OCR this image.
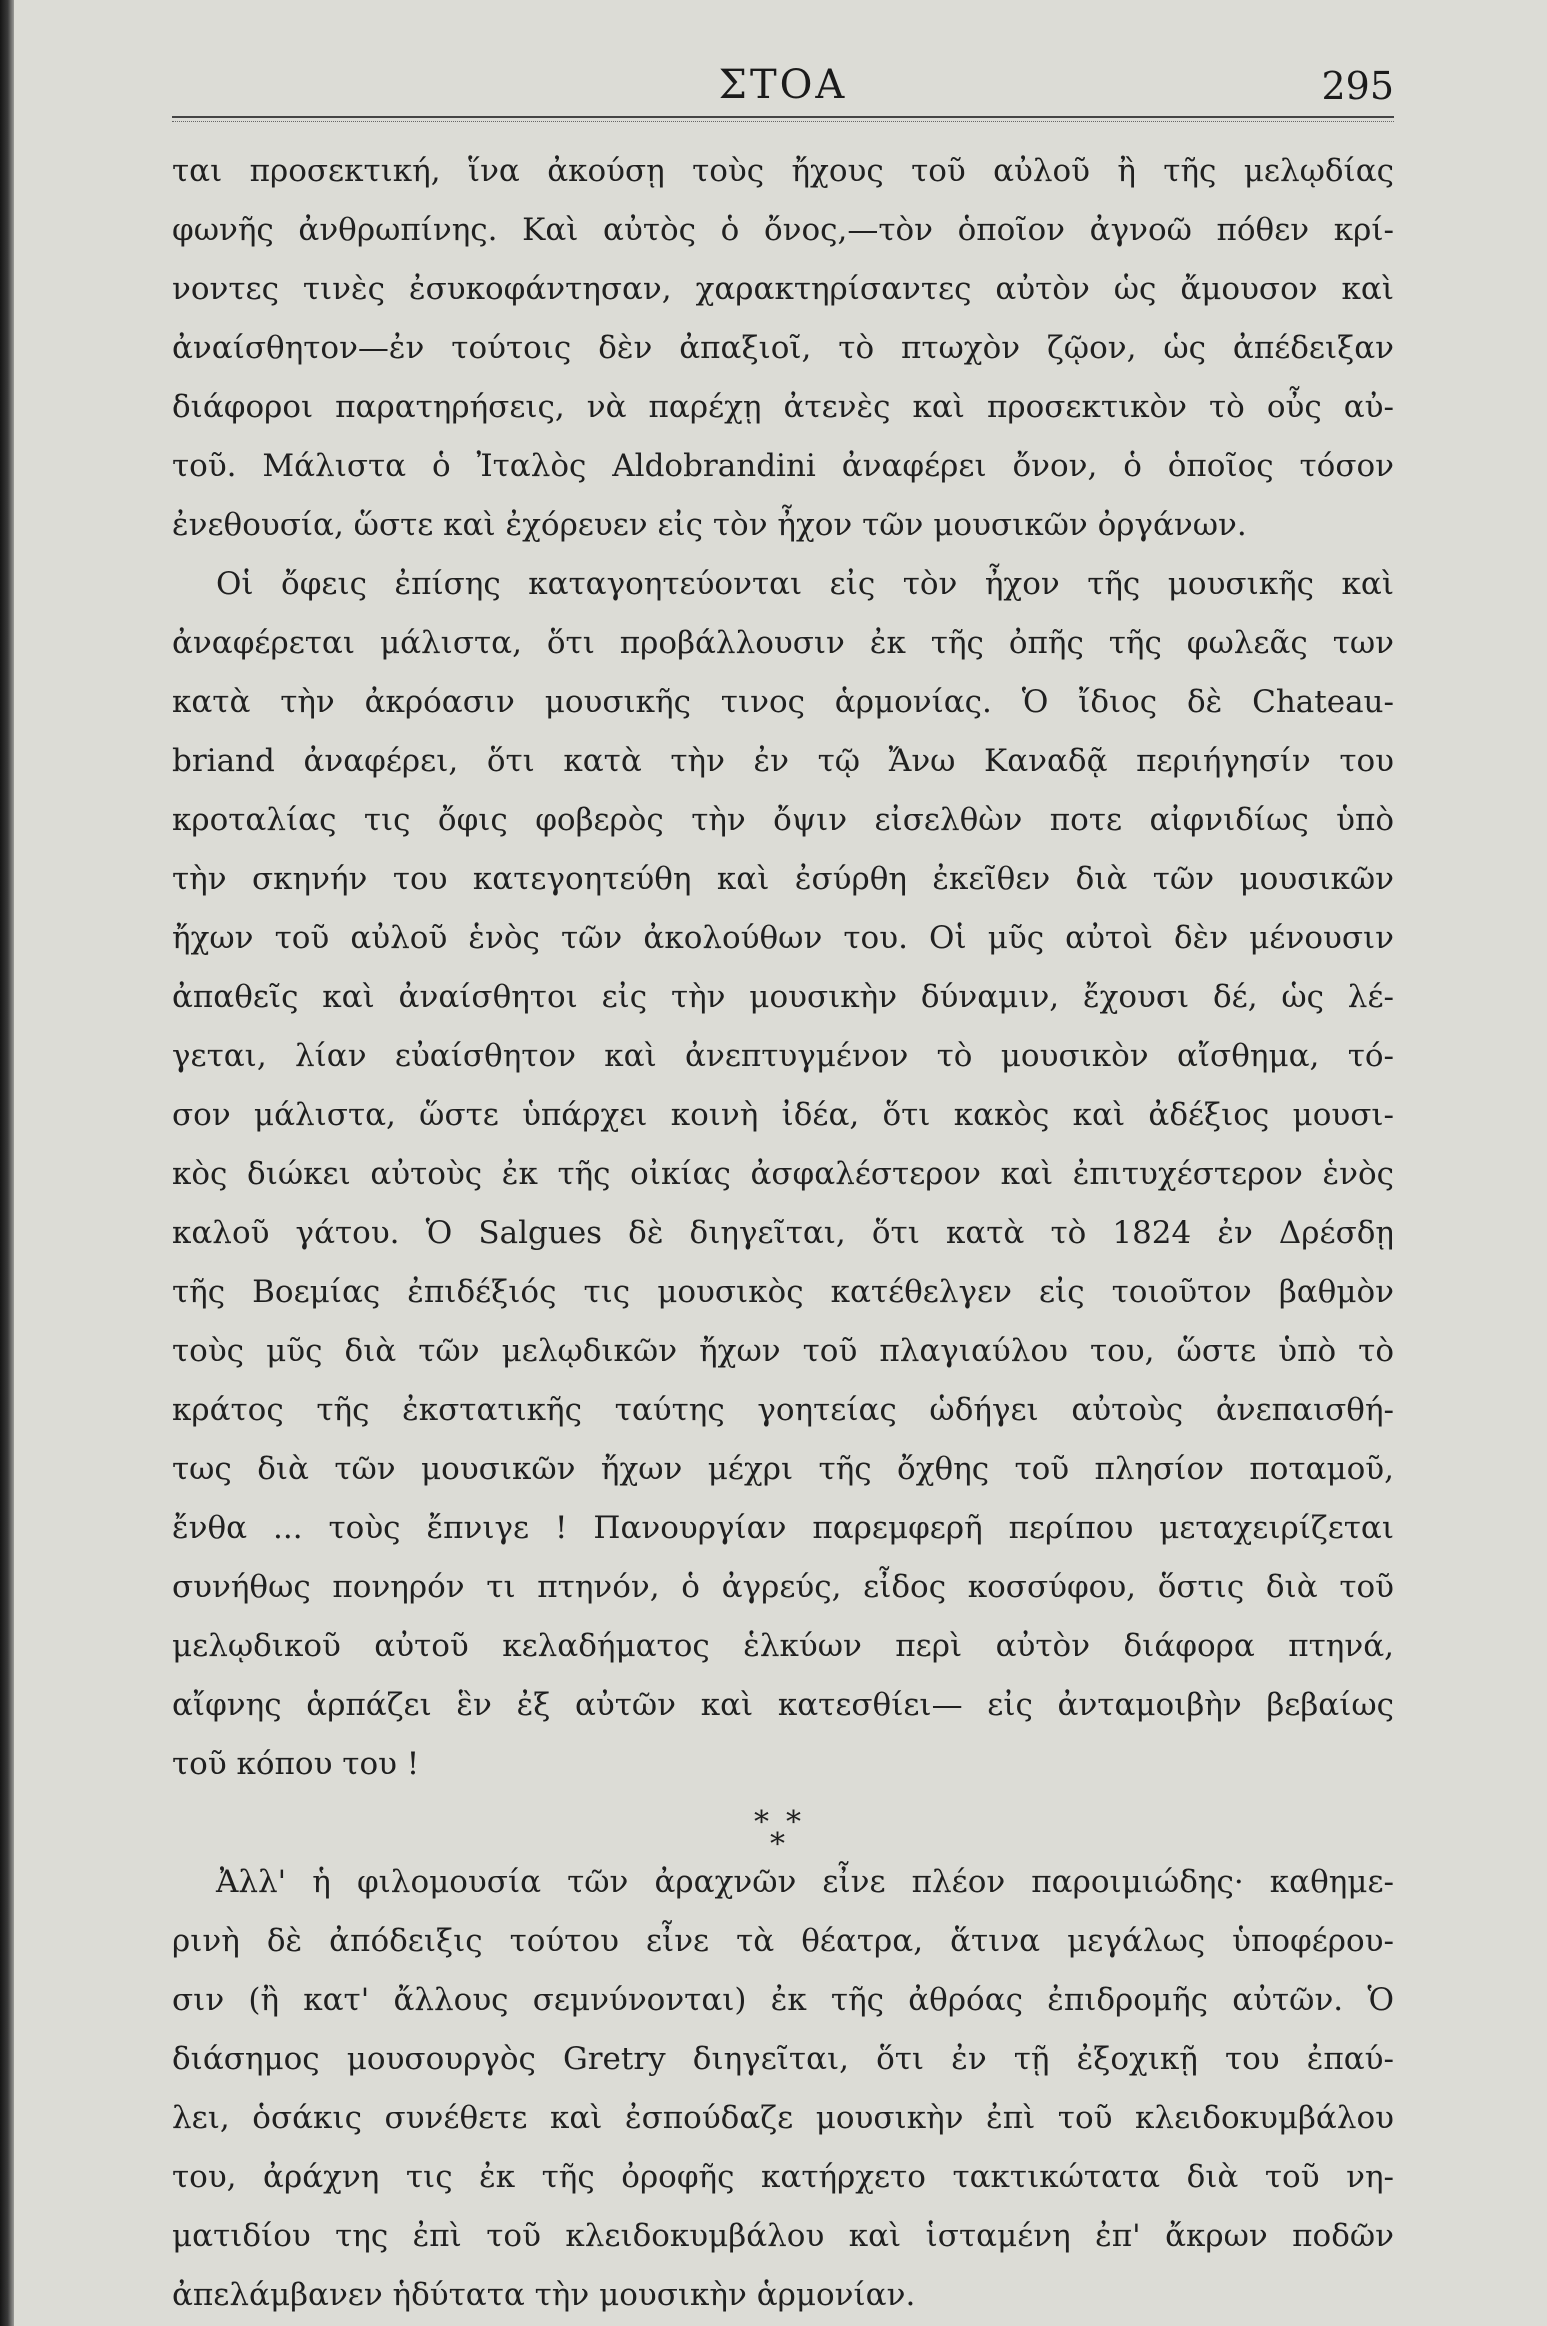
ΣΤΟΑ	295
ται προσεκτική, ἵνα ἀκούσῃ τοὺς ἤχους τοῦ αὐλοῦ ἢ τῆς μελῳδίας
φωνῆς ἀνθρωπίνης. Καὶ αὐτὸς ὁ ὄνος,—τὸν ὁποῖον ἀγνοῶ πόθεν κρί-
νοντες τινὲς ἐσυκοφάντησαν, χαρακτηρίσαντες αὐτὸν ὡς ἄμουσον καὶ
ἀναίσθητον—ἐν τούτοις δὲν ἀπαξιοῖ, τὸ πτωχὸν ζῷον, ὡς ἀπέδειξαν
διάφοροι παρατηρήσεις, νὰ παρέχῃ ἀτενὲς καὶ προσεκτικὸν τὸ οὖς αὐ-
τοῦ. Μάλιστα ὁ Ἰταλὸς Aldobrandini ἀναφέρει ὄνον, ὁ ὁποῖος τόσον
ἐνεθουσία, ὥστε καὶ ἐχόρευεν εἰς τὸν ἦχον τῶν μουσικῶν ὀργάνων.
Οἱ ὄφεις ἐπίσης καταγοητεύονται εἰς τὸν ἦχον τῆς μουσικῆς καὶ
ἀναφέρεται μάλιστα, ὅτι προβάλλουσιν ἐκ τῆς ὀπῆς τῆς φωλεᾶς των
κατὰ τὴν ἀκρόασιν μουσικῆς τινος ἁρμονίας. Ὁ ἴδιος δὲ Chateau-
briand ἀναφέρει, ὅτι κατὰ τὴν ἐν τῷ Ἄνω Καναδᾷ περιήγησίν του
κροταλίας τις ὄφις φοβερὸς τὴν ὄψιν εἰσελθὼν ποτε αἰφνιδίως ὑπὸ
τὴν σκηνήν του κατεγοητεύθη καὶ ἐσύρθη ἐκεῖθεν διὰ τῶν μουσικῶν
ἤχων τοῦ αὐλοῦ ἑνὸς τῶν ἀκολούθων του. Οἱ μῦς αὐτοὶ δὲν μένουσιν
ἀπαθεῖς καὶ ἀναίσθητοι εἰς τὴν μουσικὴν δύναμιν, ἔχουσι δέ, ὡς λέ-
γεται, λίαν εὐαίσθητον καὶ ἀνεπτυγμένον τὸ μουσικὸν αἴσθημα, τό-
σον μάλιστα, ὥστε ὑπάρχει κοινὴ ἰδέα, ὅτι κακὸς καὶ ἀδέξιος μουσι-
κὸς διώκει αὐτοὺς ἐκ τῆς οἰκίας ἀσφαλέστερον καὶ ἐπιτυχέστερον ἑνὸς
καλοῦ γάτου. Ὁ Salgues δὲ διηγεῖται, ὅτι κατὰ τὸ 1824 ἐν Δρέσδῃ
τῆς Βοεμίας ἐπιδέξιός τις μουσικὸς κατέθελγεν εἰς τοιοῦτον βαθμὸν
τοὺς μῦς διὰ τῶν μελῳδικῶν ἤχων τοῦ πλαγιαύλου του, ὥστε ὑπὸ τὸ
κράτος τῆς ἐκστατικῆς ταύτης γοητείας ὡδήγει αὐτοὺς ἀνεπαισθή-
τως διὰ τῶν μουσικῶν ἤχων μέχρι τῆς ὄχθης τοῦ πλησίον ποταμοῦ,
ἔνθα ... τοὺς ἔπνιγε ! Πανουργίαν παρεμφερῆ περίπου μεταχειρίζεται
συνήθως πονηρόν τι πτηνόν, ὁ ἀγρεύς, εἶδος κοσσύφου, ὅστις διὰ τοῦ
μελῳδικοῦ αὐτοῦ κελαδήματος ἑλκύων περὶ αὐτὸν διάφορα πτηνά,
αἴφνης ἁρπάζει ἓν ἐξ αὐτῶν καὶ κατεσθίει— εἰς ἀνταμοιβὴν βεβαίως
τοῦ κόπου του !
* *
*
Ἀλλ' ἡ φιλομουσία τῶν ἀραχνῶν εἶνε πλέον παροιμιώδης· καθημε-
ρινὴ δὲ ἀπόδειξις τούτου εἶνε τὰ θέατρα, ἅτινα μεγάλως ὑποφέρου-
σιν (ἢ κατ' ἄλλους σεμνύνονται) ἐκ τῆς ἀθρόας ἐπιδρομῆς αὐτῶν. Ὁ
διάσημος μουσουργὸς Gretry διηγεῖται, ὅτι ἐν τῇ ἐξοχικῇ του ἐπαύ-
λει, ὁσάκις συνέθετε καὶ ἐσπούδαζε μουσικὴν ἐπὶ τοῦ κλειδοκυμβάλου
του, ἀράχνη τις ἐκ τῆς ὀροφῆς κατήρχετο τακτικώτατα διὰ τοῦ νη-
ματιδίου της ἐπὶ τοῦ κλειδοκυμβάλου καὶ ἱσταμένη ἐπ' ἄκρων ποδῶν
ἀπελάμβανεν ἡδύτατα τὴν μουσικὴν ἁρμονίαν.
